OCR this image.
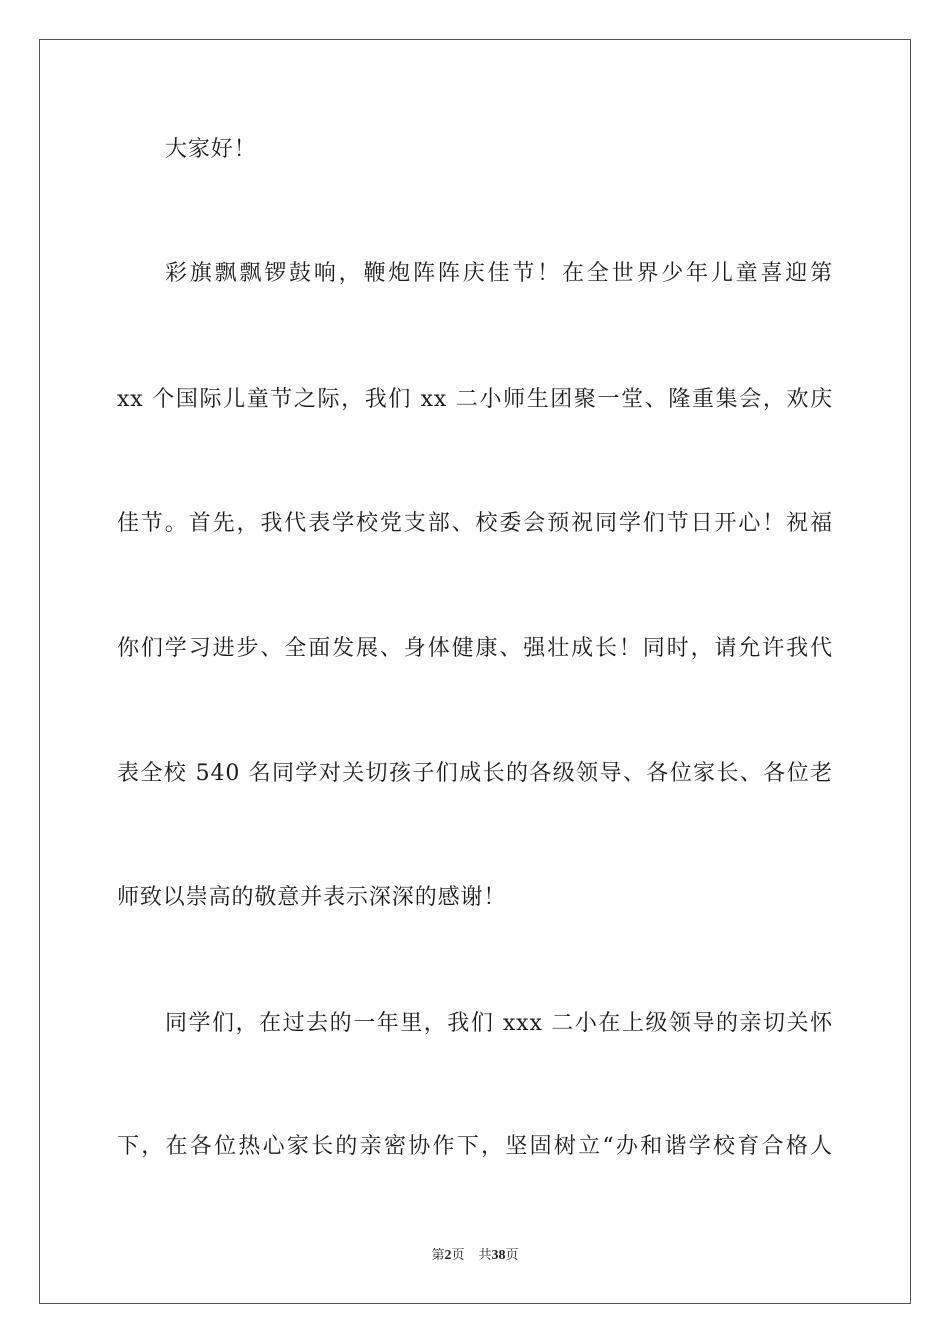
大家好！
彩旗飘飘锣鼓响，鞭炮阵阵庆佳节！在全世界少年儿童喜迎第
xx 个国际儿童节之际，我们 xx 二小师生团聚一堂、隆重集会，欢庆
佳节。首先，我代表学校党支部、校委会预祝同学们节日开心！祝福
你们学习进步、全面发展、身体健康、强壮成长！同时，请允许我代
表全校 540 名同学对关切孩子们成长的各级领导、各位家长、各位老
师致以崇高的敬意并表示深深的感谢！
同学们，在过去的一年里，我们 xxx 二小在上级领导的亲切关怀
下，在各位热心家长的亲密协作下，坚固树立“办和谐学校育合格人
第2页 共38页
